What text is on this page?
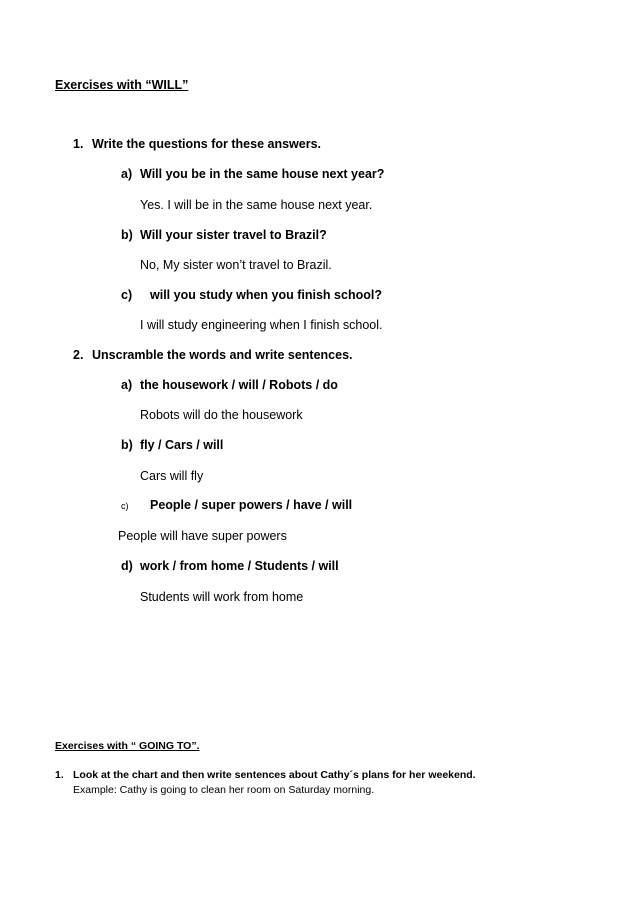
Exercises with “WILL”
1. Write the questions for these answers.
a) Will you be in the same house next year?
Yes. I will be in the same house next year.
b) Will your sister travel to Brazil?
No, My sister won’t travel to Brazil.
c) will you study when you finish school?
I will study engineering when I finish school.
2. Unscramble the words and write sentences.
a) the housework / will / Robots / do
Robots will do the housework
b) fly / Cars / will
Cars will fly
c) People / super powers / have / will
People will have super powers
d) work / from home / Students / will
Students will work from home
Exercises with “ GOING TO”.
1. Look at the chart and then write sentences about Cathy´s plans for her weekend.
Example: Cathy is going to clean her room on Saturday morning.
